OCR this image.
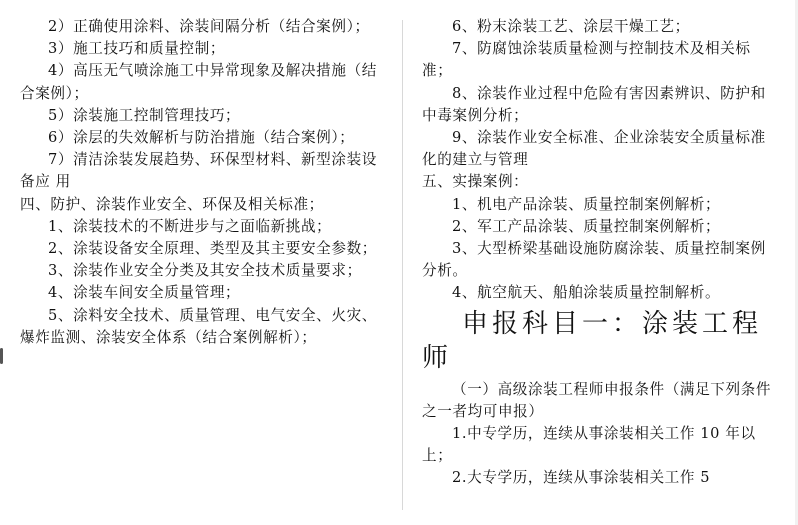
2）正确使用涂料、涂装间隔分析（结合案例）；

3）施工技巧和质量控制；

4）高压无气喷涂施工中异常现象及解决措施（结合案例）；

5）涂装施工控制管理技巧；

6）涂层的失效解析与防治措施（结合案例）；

7）清洁涂装发展趋势、环保型材料、新型涂装设备应 用

四、防护、涂装作业安全、环保及相关标准；

1、涂装技术的不断进步与之面临新挑战；

2、涂装设备安全原理、类型及其主要安全参数；

3、涂装作业安全分类及其安全技术质量要求；

4、涂装车间安全质量管理；

5、涂料安全技术、质量管理、电气安全、火灾、爆炸监测、涂装安全体系（结合案例解析）；

6、粉末涂装工艺、涂层干燥工艺；

7、防腐蚀涂装质量检测与控制技术及相关标准；

8、涂装作业过程中危险有害因素辨识、防护和中毒案例分析；

9、涂装作业安全标准、企业涂装安全质量标准化的建立与管理

五、实操案例：

1、机电产品涂装、质量控制案例解析；

2、军工产品涂装、质量控制案例解析；

3、大型桥梁基础设施防腐涂装、质量控制案例分析。

4、航空航天、船舶涂装质量控制解析。

申报科目一：涂装工程师

（一）高级涂装工程师申报条件（满足下列条件之一者均可申报）

1.中专学历，连续从事涂装相关工作 10 年以上；

2.大专学历，连续从事涂装相关工作 5
